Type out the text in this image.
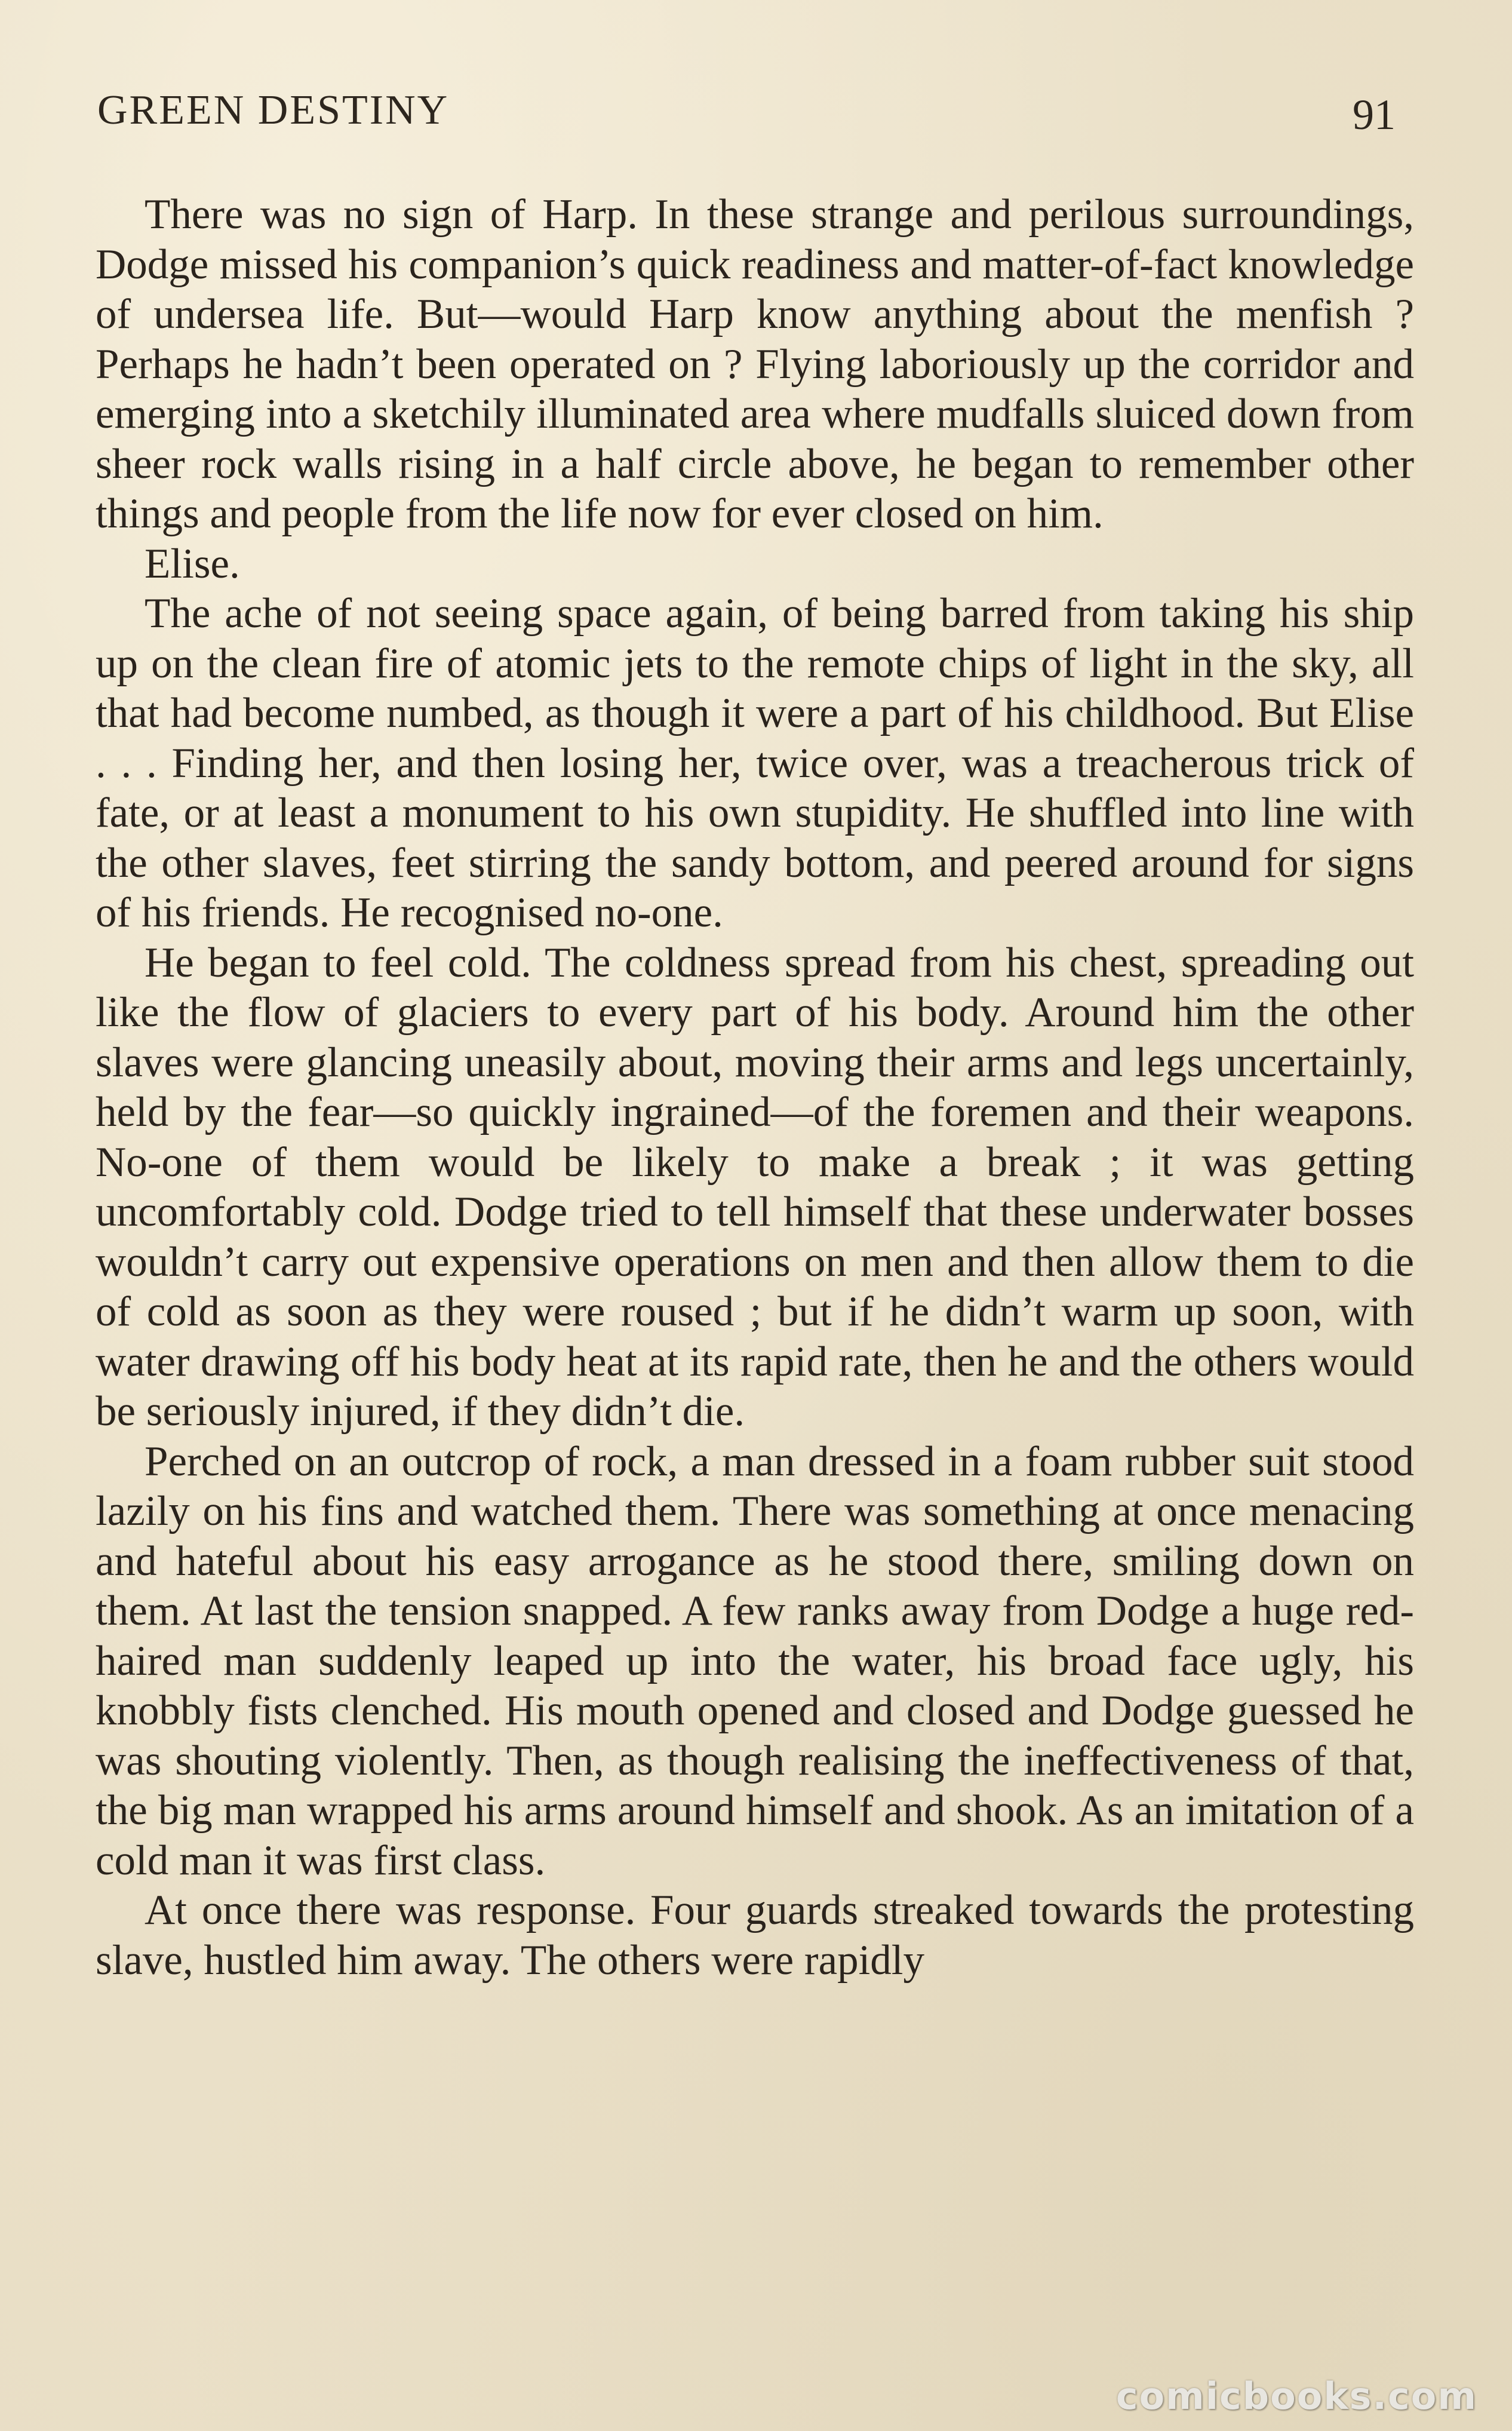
GREEN DESTINY	91

There was no sign of Harp. In these strange and perilous surroundings, Dodge missed his companion’s quick readiness and matter-of-fact knowledge of undersea life. But—would Harp know anything about the menfish ? Perhaps he hadn’t been operated on ? Flying laboriously up the corridor and emerging into a sketchily illuminated area where mudfalls sluiced down from sheer rock walls rising in a half circle above, he began to remember other things and people from the life now for ever closed on him.

Elise.

The ache of not seeing space again, of being barred from taking his ship up on the clean fire of atomic jets to the remote chips of light in the sky, all that had become numbed, as though it were a part of his childhood. But Elise . . . Finding her, and then losing her, twice over, was a treacherous trick of fate, or at least a monument to his own stupidity. He shuffled into line with the other slaves, feet stirring the sandy bottom, and peered around for signs of his friends. He recognised no-one.

He began to feel cold. The coldness spread from his chest, spreading out like the flow of glaciers to every part of his body. Around him the other slaves were glancing uneasily about, moving their arms and legs uncertainly, held by the fear—so quickly ingrained—of the foremen and their weapons. No-one of them would be likely to make a break ; it was getting uncomfortably cold. Dodge tried to tell himself that these underwater bosses wouldn’t carry out expensive operations on men and then allow them to die of cold as soon as they were roused ; but if he didn’t warm up soon, with water drawing off his body heat at its rapid rate, then he and the others would be seriously injured, if they didn’t die.

Perched on an outcrop of rock, a man dressed in a foam rubber suit stood lazily on his fins and watched them. There was something at once menacing and hateful about his easy arrogance as he stood there, smiling down on them. At last the tension snapped. A few ranks away from Dodge a huge red-haired man suddenly leaped up into the water, his broad face ugly, his knobbly fists clenched. His mouth opened and closed and Dodge guessed he was shouting violently. Then, as though realising the ineffectiveness of that, the big man wrapped his arms around himself and shook. As an imitation of a cold man it was first class.

At once there was response. Four guards streaked towards the protesting slave, hustled him away. The others were rapidly

comicbooks.com
